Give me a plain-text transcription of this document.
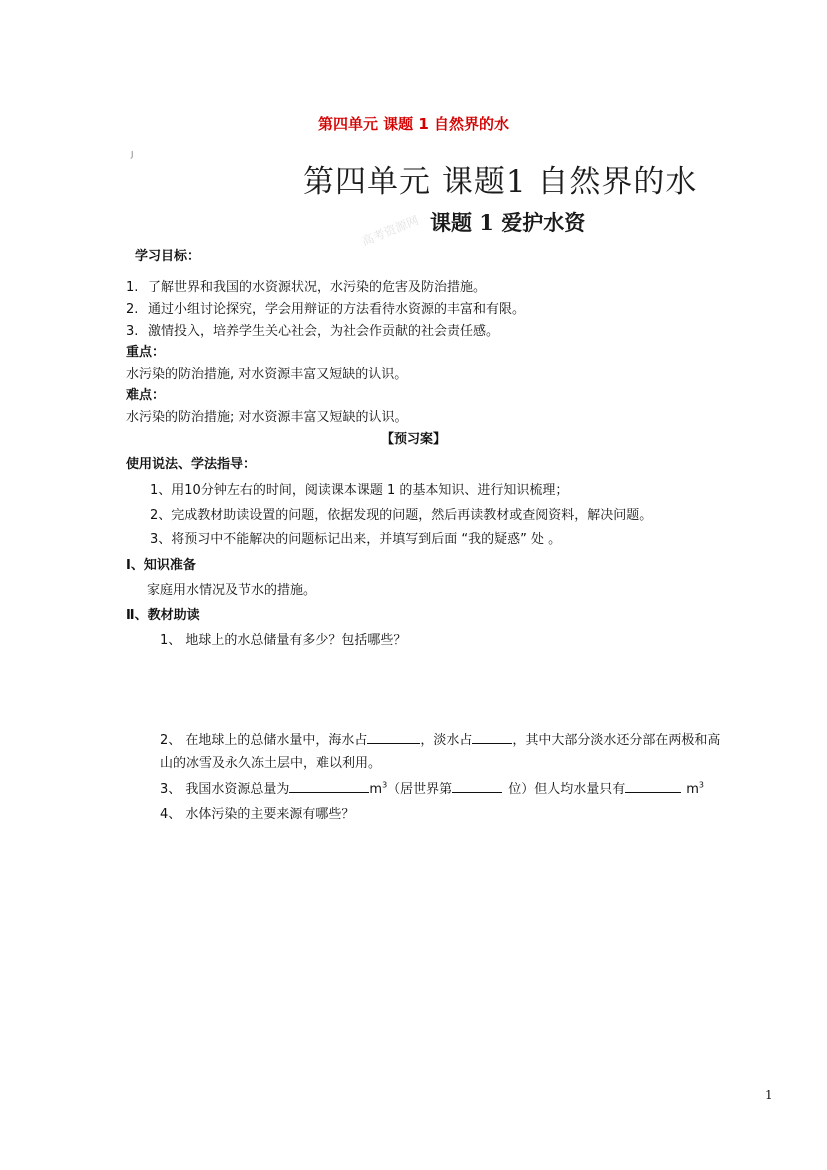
第四单元 课题 1 自然界的水
J
第四单元 课题1 自然界的水
高考资源网 课题 1 爱护水资
学习目标：
1. 了解世界和我国的水资源状况，水污染的危害及防治措施。
2. 通过小组讨论探究，学会用辩证的方法看待水资源的丰富和有限。
3. 激情投入，培养学生关心社会，为社会作贡献的社会责任感。
重点：
水污染的防治措施, 对水资源丰富又短缺的认识。
难点：
水污染的防治措施; 对水资源丰富又短缺的认识。
【预习案】
使用说法、学法指导：
1、用10分钟左右的时间，阅读课本课题 1 的基本知识、进行知识梳理；
2、完成教材助读设置的问题，依据发现的问题，然后再读教材或查阅资料，解决问题。
3、将预习中不能解决的问题标记出来，并填写到后面 “我的疑惑” 处 。
Ⅰ、知识准备
家庭用水情况及节水的措施。
Ⅱ、教材助读
1、 地球上的水总储量有多少？包括哪些？
2、 在地球上的总储水量中，海水占	，淡水占	，其中大部分淡水还分部在两极和高
山的冰雪及永久冻土层中，难以利用。
3、 我国水资源总量为	$m^3$（居世界第	位）但人均水量只有	$m^3$
4、 水体污染的主要来源有哪些？
1
